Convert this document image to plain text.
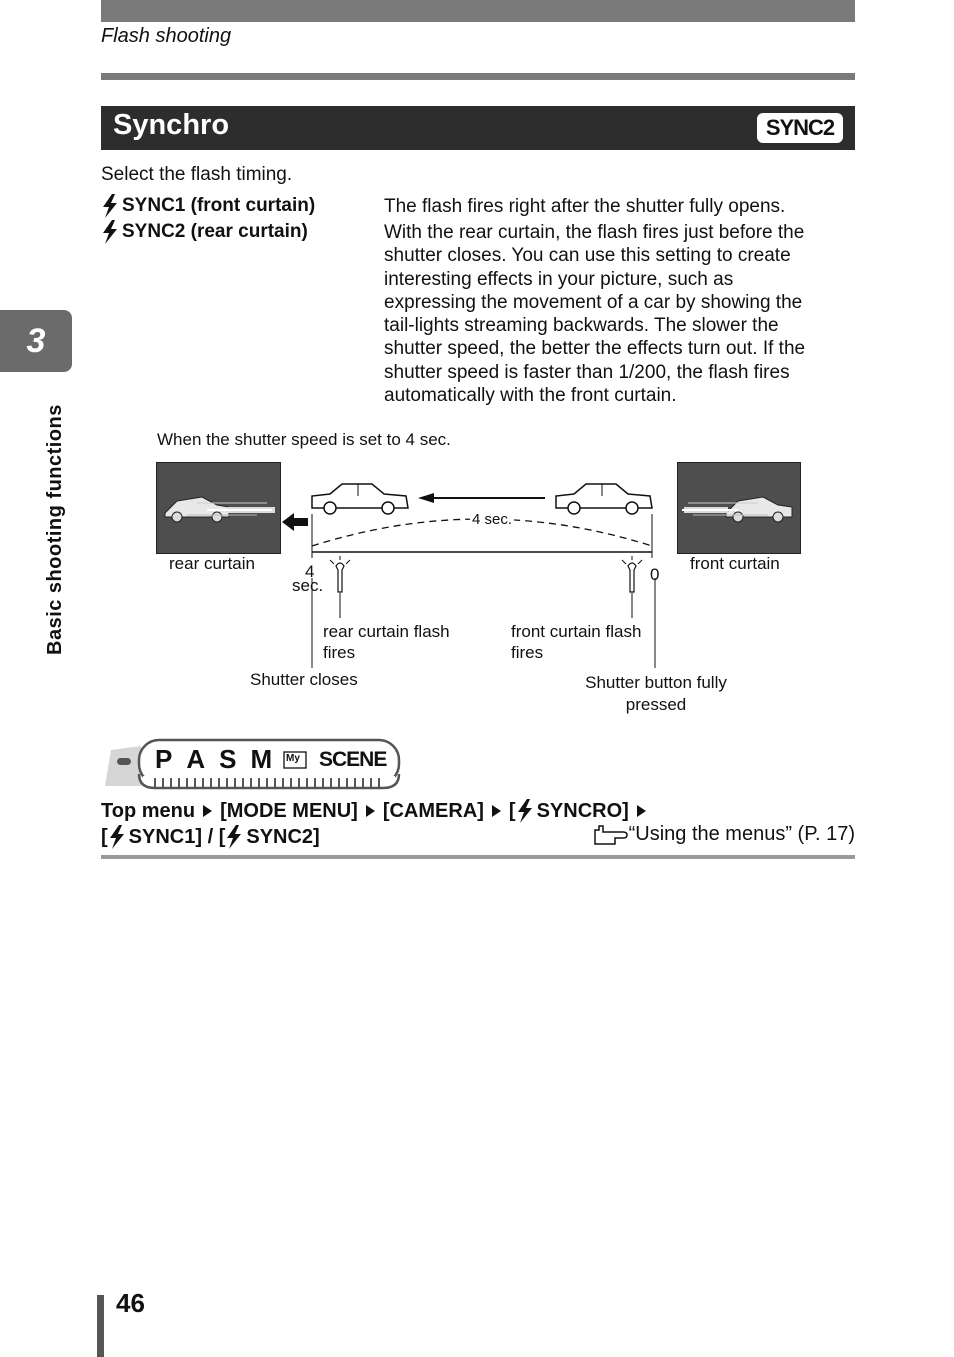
Flash shooting
Synchro	SYNC2
3
Basic shooting functions
Select the flash timing.
SYNC1 (front curtain)	The flash fires right after the shutter fully opens.
SYNC2 (rear curtain)	With the rear curtain, the flash fires just before the
shutter closes. You can use this setting to create
interesting effects in your picture, such as
expressing the movement of a car by showing the
tail-lights streaming backwards. The slower the
shutter speed, the better the effects turn out. If the
shutter speed is faster than 1/200, the flash fires
automatically with the front curtain.
When the shutter speed is set to 4 sec.
4 sec.
rear curtain	front curtain
4
sec.
0
rear curtain flash
fires
front curtain flash
fires
Shutter closes	Shutter button fully
pressed
P A S M My SCENE
Top menu [MODE MENU] [CAMERA] [ SYNCRO]
[ SYNC1] / [ SYNC2]	“Using the menus” (P. 17)
46
